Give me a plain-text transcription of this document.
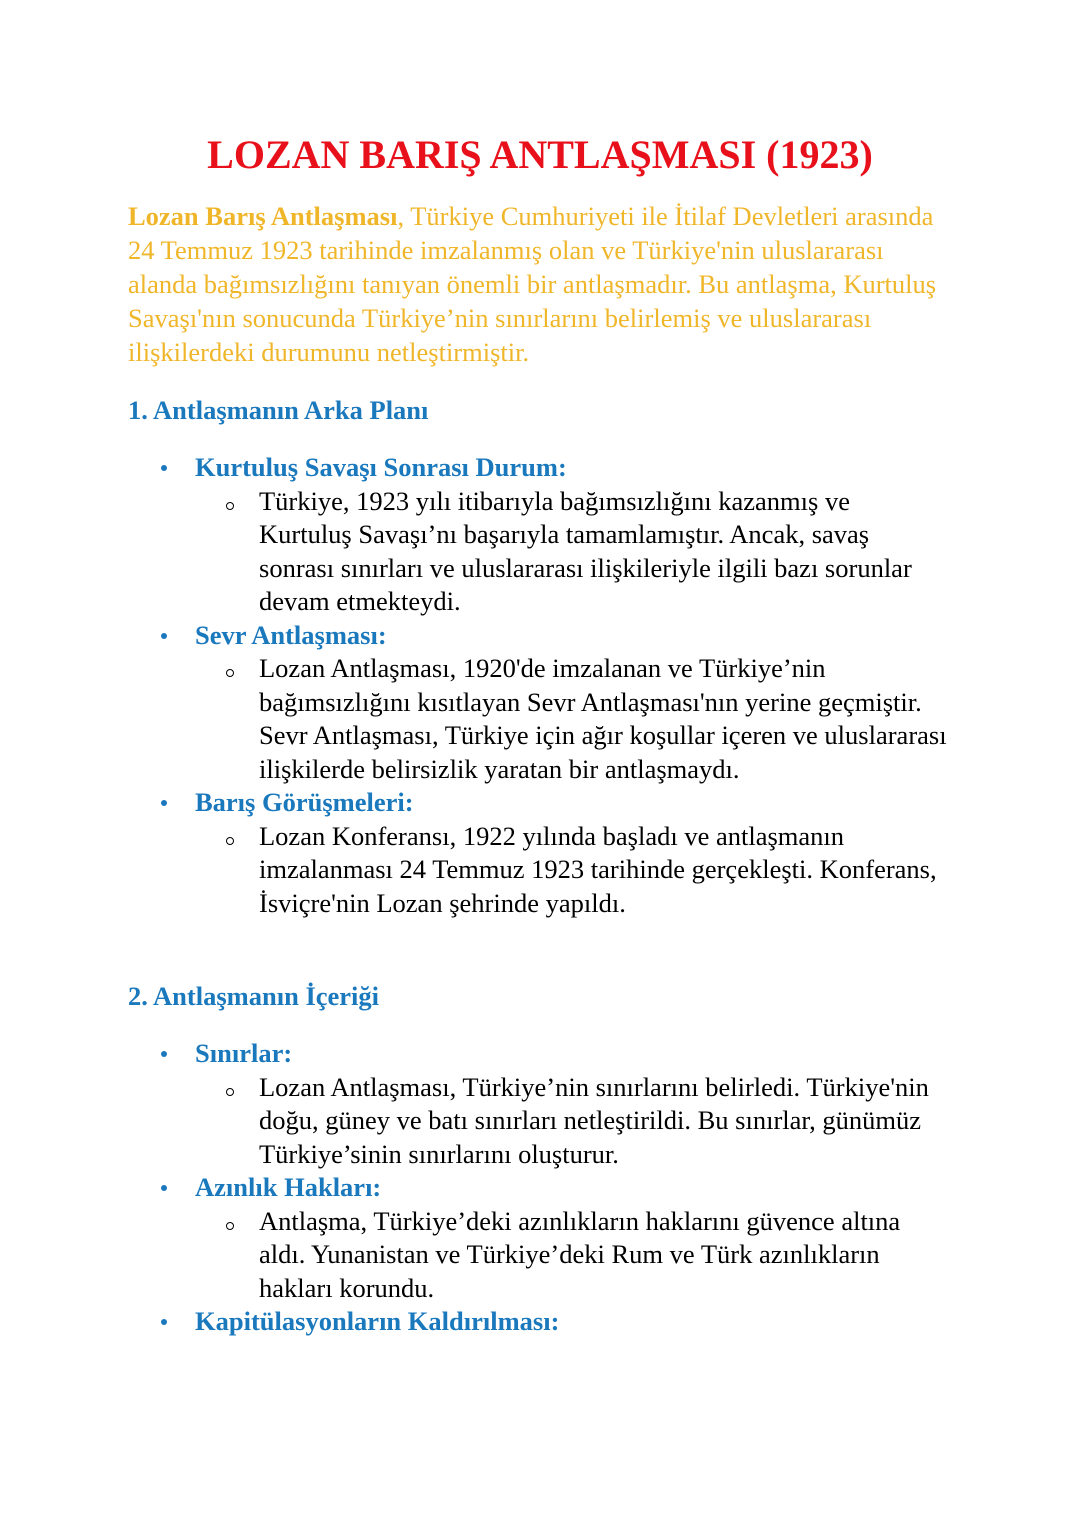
LOZAN BARIŞ ANTLAŞMASI (1923)

Lozan Barış Antlaşması, Türkiye Cumhuriyeti ile İtilaf Devletleri arasında 24 Temmuz 1923 tarihinde imzalanmış olan ve Türkiye'nin uluslararası alanda bağımsızlığını tanıyan önemli bir antlaşmadır. Bu antlaşma, Kurtuluş Savaşı'nın sonucunda Türkiye’nin sınırlarını belirlemiş ve uluslararası ilişkilerdeki durumunu netleştirmiştir.

1. Antlaşmanın Arka Planı
Kurtuluş Savaşı Sonrası Durum:
Türkiye, 1923 yılı itibarıyla bağımsızlığını kazanmış ve Kurtuluş Savaşı’nı başarıyla tamamlamıştır. Ancak, savaş sonrası sınırları ve uluslararası ilişkileriyle ilgili bazı sorunlar devam etmekteydi.
Sevr Antlaşması:
Lozan Antlaşması, 1920'de imzalanan ve Türkiye’nin bağımsızlığını kısıtlayan Sevr Antlaşması'nın yerine geçmiştir. Sevr Antlaşması, Türkiye için ağır koşullar içeren ve uluslararası ilişkilerde belirsizlik yaratan bir antlaşmaydı.
Barış Görüşmeleri:
Lozan Konferansı, 1922 yılında başladı ve antlaşmanın imzalanması 24 Temmuz 1923 tarihinde gerçekleşti. Konferans, İsviçre'nin Lozan şehrinde yapıldı.
2. Antlaşmanın İçeriği
Sınırlar:
Lozan Antlaşması, Türkiye’nin sınırlarını belirledi. Türkiye'nin doğu, güney ve batı sınırları netleştirildi. Bu sınırlar, günümüz Türkiye’sinin sınırlarını oluşturur.
Azınlık Hakları:
Antlaşma, Türkiye’deki azınlıkların haklarını güvence altına aldı. Yunanistan ve Türkiye’deki Rum ve Türk azınlıkların hakları korundu.
Kapitülasyonların Kaldırılması:
